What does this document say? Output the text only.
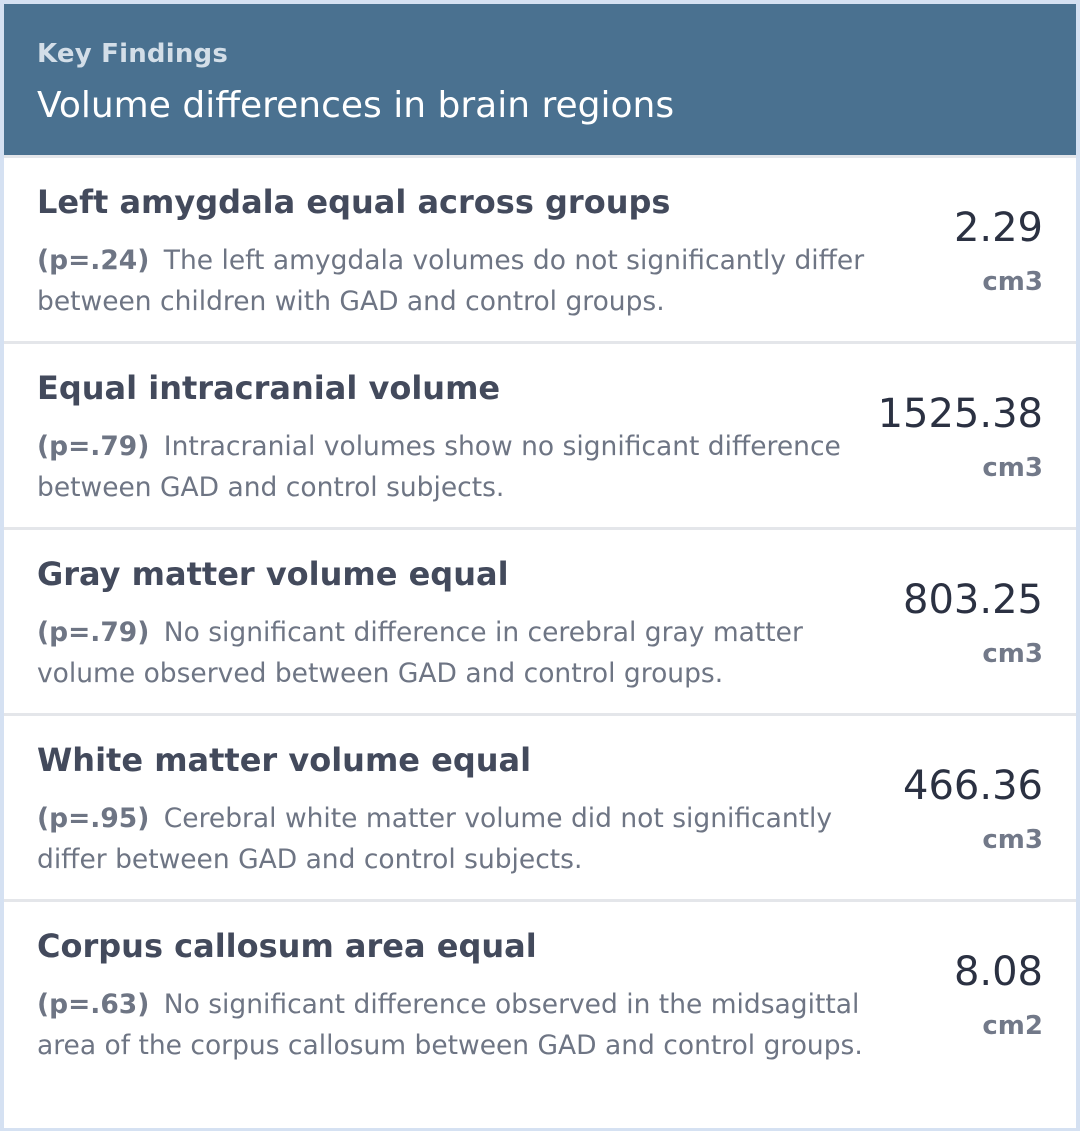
Key Findings
Volume differences in brain regions
Left amygdala equal across groups

(p=.24) The left amygdala volumes do not significantly differ between children with GAD and control groups.

2.29
cm3
Equal intracranial volume

(p=.79) Intracranial volumes show no significant difference between GAD and control subjects.

1525.38
cm3
Gray matter volume equal

(p=.79) No significant difference in cerebral gray matter volume observed between GAD and control groups.

803.25
cm3
White matter volume equal

(p=.95) Cerebral white matter volume did not significantly differ between GAD and control subjects.

466.36
cm3
Corpus callosum area equal

(p=.63) No significant difference observed in the midsagittal area of the corpus callosum between GAD and control groups.

8.08
cm2
